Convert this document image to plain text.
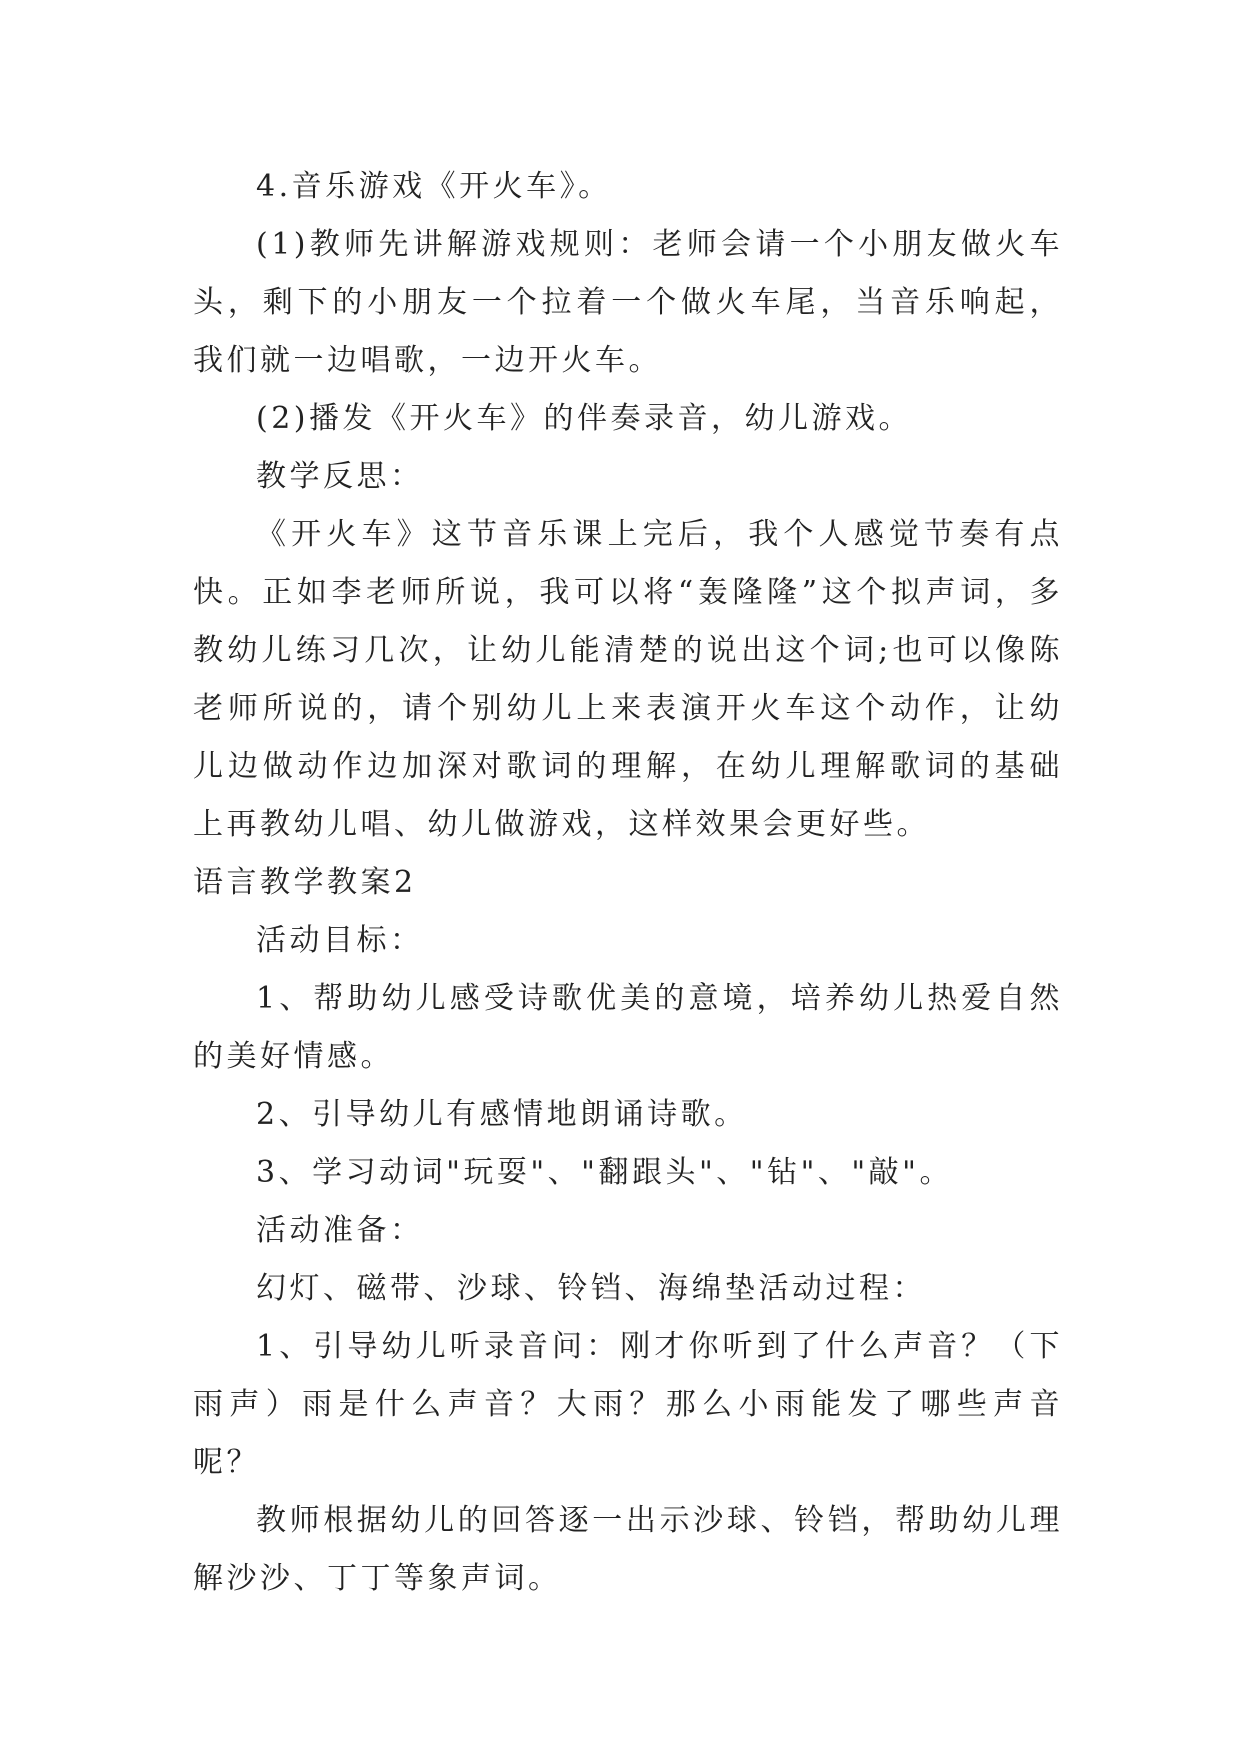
4.音乐游戏《开火车》。

(1)教师先讲解游戏规则：老师会请一个小朋友做火车头，剩下的小朋友一个拉着一个做火车尾，当音乐响起，我们就一边唱歌，一边开火车。

(2)播发《开火车》的伴奏录音，幼儿游戏。

教学反思：

《开火车》这节音乐课上完后，我个人感觉节奏有点快。正如李老师所说，我可以将“轰隆隆”这个拟声词，多教幼儿练习几次，让幼儿能清楚的说出这个词;也可以像陈老师所说的，请个别幼儿上来表演开火车这个动作，让幼儿边做动作边加深对歌词的理解，在幼儿理解歌词的基础上再教幼儿唱、幼儿做游戏，这样效果会更好些。

语言教学教案2

活动目标：

1、帮助幼儿感受诗歌优美的意境，培养幼儿热爱自然的美好情感。

2、引导幼儿有感情地朗诵诗歌。

3、学习动词"玩耍"、"翻跟头"、"钻"、"敲"。

活动准备：

幻灯、磁带、沙球、铃铛、海绵垫活动过程：

1、引导幼儿听录音问：刚才你听到了什么声音？（下雨声）雨是什么声音？大雨？那么小雨能发了哪些声音呢？

教师根据幼儿的回答逐一出示沙球、铃铛，帮助幼儿理解沙沙、丁丁等象声词。
